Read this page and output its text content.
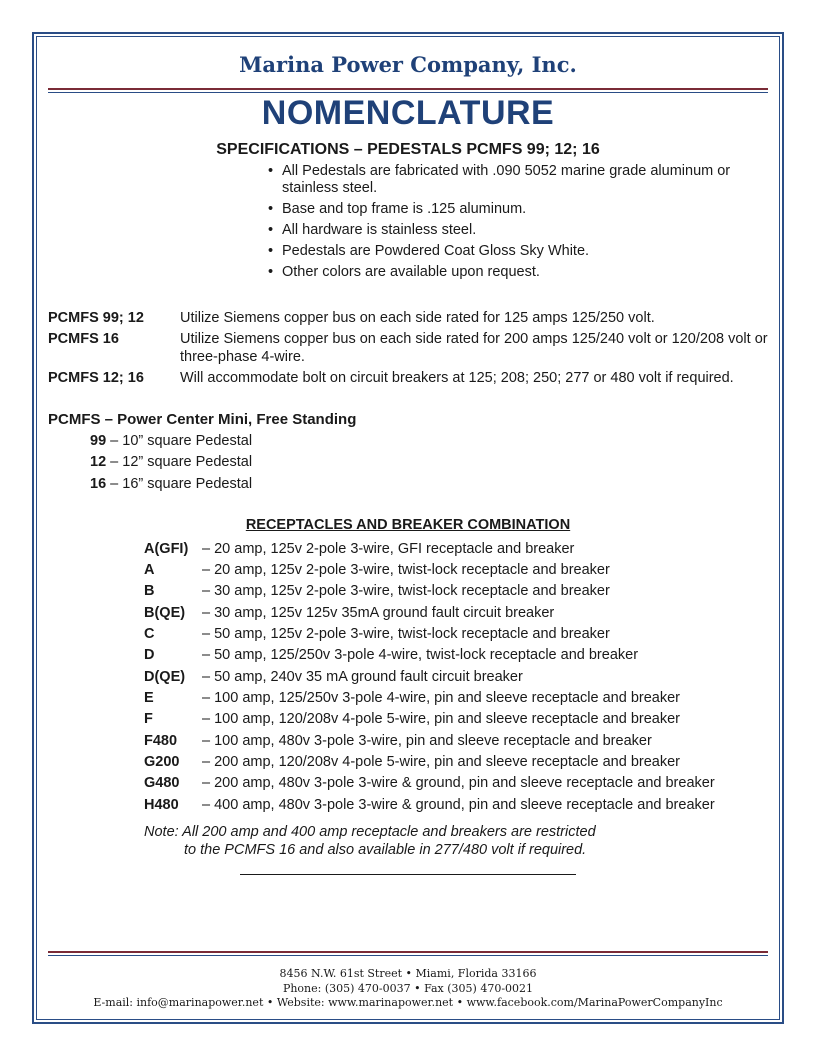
Marina Power Company, Inc.
NOMENCLATURE
SPECIFICATIONS – PEDESTALS PCMFS 99; 12; 16
• All Pedestals are fabricated with .090 5052 marine grade aluminum or stainless steel.
• Base and top frame is .125 aluminum.
• All hardware is stainless steel.
• Pedestals are Powdered Coat Gloss Sky White.
• Other colors are available upon request.
PCMFS 99; 12 Utilize Siemens copper bus on each side rated for 125 amps 125/250 volt.
PCMFS 16	Utilize Siemens copper bus on each side rated for 200 amps 125/240 volt or 120/208 volt or three-phase 4-wire.
PCMFS 12; 16 Will accommodate bolt on circuit breakers at 125; 208; 250; 277 or 480 volt if required.
PCMFS – Power Center Mini, Free Standing
99 – 10” square Pedestal
12 – 12” square Pedestal
16 – 16” square Pedestal
RECEPTACLES AND BREAKER COMBINATION
A(GFI) – 20 amp, 125v 2-pole 3-wire, GFI receptacle and breaker
A	– 20 amp, 125v 2-pole 3-wire, twist-lock receptacle and breaker
B	– 30 amp, 125v 2-pole 3-wire, twist-lock receptacle and breaker
B(QE) – 30 amp, 125v 125v 35mA ground fault circuit breaker
C	– 50 amp, 125v 2-pole 3-wire, twist-lock receptacle and breaker
D	– 50 amp, 125/250v 3-pole 4-wire, twist-lock receptacle and breaker
D(QE) – 50 amp, 240v 35 mA ground fault circuit breaker
E	– 100 amp, 125/250v 3-pole 4-wire, pin and sleeve receptacle and breaker
F	– 100 amp, 120/208v 4-pole 5-wire, pin and sleeve receptacle and breaker
F480 – 100 amp, 480v 3-pole 3-wire, pin and sleeve receptacle and breaker
G200 – 200 amp, 120/208v 4-pole 5-wire, pin and sleeve receptacle and breaker
G480 – 200 amp, 480v 3-pole 3-wire & ground, pin and sleeve receptacle and breaker
H480 – 400 amp, 480v 3-pole 3-wire & ground, pin and sleeve receptacle and breaker
Note: All 200 amp and 400 amp receptacle and breakers are restricted
to the PCMFS 16 and also available in 277/480 volt if required.
8456 N.W. 61st Street • Miami, Florida 33166
Phone: (305) 470-0037 • Fax (305) 470-0021
E-mail: info@marinapower.net • Website: www.marinapower.net • www.facebook.com/MarinaPowerCompanyInc
